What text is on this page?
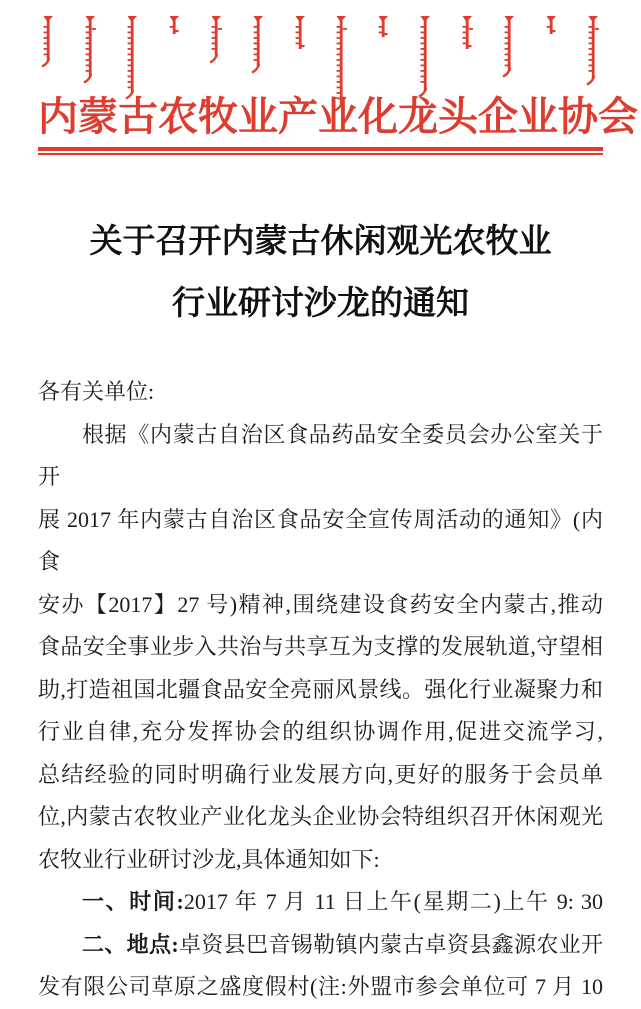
内蒙古农牧业产业化龙头企业协会
关于召开内蒙古休闲观光农牧业
行业研讨沙龙的通知
各有关单位:
根据《内蒙古自治区食品药品安全委员会办公室关于开
展 2017 年内蒙古自治区食品安全宣传周活动的通知》(内食
安办【2017】27 号)精神,围绕建设食药安全内蒙古,推动
食品安全事业步入共治与共享互为支撑的发展轨道,守望相
助,打造祖国北疆食品安全亮丽风景线。强化行业凝聚力和
行业自律,充分发挥协会的组织协调作用,促进交流学习,
总结经验的同时明确行业发展方向,更好的服务于会员单
位,内蒙古农牧业产业化龙头企业协会特组织召开休闲观光
农牧业行业研讨沙龙,具体通知如下:
一、时间:2017 年 7 月 11 日上午(星期二)上午 9: 30
二、地点:卓资县巴音锡勒镇内蒙古卓资县鑫源农业开
发有限公司草原之盛度假村(注:外盟市参会单位可 7 月 10
